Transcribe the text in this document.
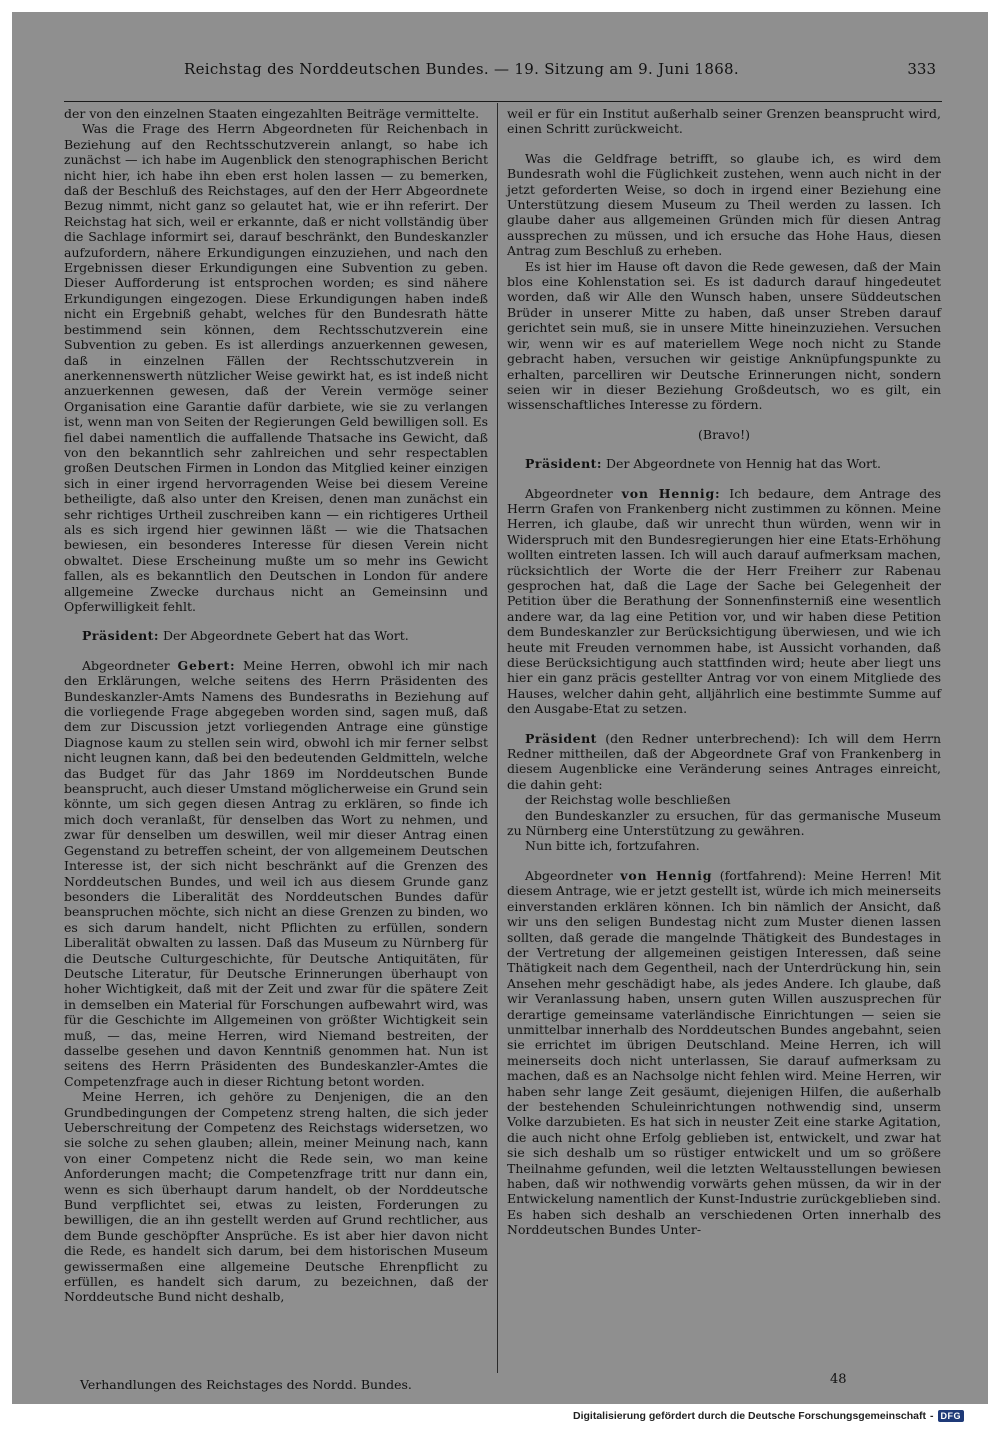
Reichstag des Norddeutschen Bundes. — 19. Sitzung am 9. Juni 1868.	333

der von den einzelnen Staaten eingezahlten Beiträge vermittelte.

Was die Frage des Herrn Abgeordneten für Reichenbach in Beziehung auf den Rechtsschutzverein anlangt, so habe ich zunächst — ich habe im Augenblick den stenographischen Bericht nicht hier, ich habe ihn eben erst holen lassen — zu bemerken, daß der Beschluß des Reichstages, auf den der Herr Abgeordnete Bezug nimmt, nicht ganz so gelautet hat, wie er ihn referirt. Der Reichstag hat sich, weil er erkannte, daß er nicht vollständig über die Sachlage informirt sei, darauf beschränkt, den Bundeskanzler aufzufordern, nähere Erkundigungen einzuziehen, und nach den Ergebnissen dieser Erkundigungen eine Subvention zu geben. Dieser Aufforderung ist entsprochen worden; es sind nähere Erkundigungen eingezogen. Diese Erkundigungen haben indeß nicht ein Ergebniß gehabt, welches für den Bundesrath hätte bestimmend sein können, dem Rechtsschutzverein eine Subvention zu geben. Es ist allerdings anzuerkennen gewesen, daß in einzelnen Fällen der Rechtsschutzverein in anerkennenswerth nützlicher Weise gewirkt hat, es ist indeß nicht anzuerkennen gewesen, daß der Verein vermöge seiner Organisation eine Garantie dafür darbiete, wie sie zu verlangen ist, wenn man von Seiten der Regierungen Geld bewilligen soll. Es fiel dabei namentlich die auffallende Thatsache ins Gewicht, daß von den bekanntlich sehr zahlreichen und sehr respectablen großen Deutschen Firmen in London das Mitglied keiner einzigen sich in einer irgend hervorragenden Weise bei diesem Vereine betheiligte, daß also unter den Kreisen, denen man zunächst ein sehr richtiges Urtheil zuschreiben kann — ein richtigeres Urtheil als es sich irgend hier gewinnen läßt — wie die Thatsachen bewiesen, ein besonderes Interesse für diesen Verein nicht obwaltet. Diese Erscheinung mußte um so mehr ins Gewicht fallen, als es bekanntlich den Deutschen in London für andere allgemeine Zwecke durchaus nicht an Gemeinsinn und Opferwilligkeit fehlt.

Präsident: Der Abgeordnete Gebert hat das Wort.

Abgeordneter Gebert: Meine Herren, obwohl ich mir nach den Erklärungen, welche seitens des Herrn Präsidenten des Bundeskanzler-Amts Namens des Bundesraths in Beziehung auf die vorliegende Frage abgegeben worden sind, sagen muß, daß dem zur Discussion jetzt vorliegenden Antrage eine günstige Diagnose kaum zu stellen sein wird, obwohl ich mir ferner selbst nicht leugnen kann, daß bei den bedeutenden Geldmitteln, welche das Budget für das Jahr 1869 im Norddeutschen Bunde beansprucht, auch dieser Umstand möglicherweise ein Grund sein könnte, um sich gegen diesen Antrag zu erklären, so finde ich mich doch veranlaßt, für denselben das Wort zu nehmen, und zwar für denselben um deswillen, weil mir dieser Antrag einen Gegenstand zu betreffen scheint, der von allgemeinem Deutschen Interesse ist, der sich nicht beschränkt auf die Grenzen des Norddeutschen Bundes, und weil ich aus diesem Grunde ganz besonders die Liberalität des Norddeutschen Bundes dafür beanspruchen möchte, sich nicht an diese Grenzen zu binden, wo es sich darum handelt, nicht Pflichten zu erfüllen, sondern Liberalität obwalten zu lassen. Daß das Museum zu Nürnberg für die Deutsche Culturgeschichte, für Deutsche Antiquitäten, für Deutsche Literatur, für Deutsche Erinnerungen überhaupt von hoher Wichtigkeit, daß mit der Zeit und zwar für die spätere Zeit in demselben ein Material für Forschungen aufbewahrt wird, was für die Geschichte im Allgemeinen von größter Wichtigkeit sein muß, — das, meine Herren, wird Niemand bestreiten, der dasselbe gesehen und davon Kenntniß genommen hat. Nun ist seitens des Herrn Präsidenten des Bundeskanzler-Amtes die Competenzfrage auch in dieser Richtung betont worden.

Meine Herren, ich gehöre zu Denjenigen, die an den Grundbedingungen der Competenz streng halten, die sich jeder Ueberschreitung der Competenz des Reichstags widersetzen, wo sie solche zu sehen glauben; allein, meiner Meinung nach, kann von einer Competenz nicht die Rede sein, wo man keine Anforderungen macht; die Competenzfrage tritt nur dann ein, wenn es sich überhaupt darum handelt, ob der Norddeutsche Bund verpflichtet sei, etwas zu leisten, Forderungen zu bewilligen, die an ihn gestellt werden auf Grund rechtlicher, aus dem Bunde geschöpfter Ansprüche. Es ist aber hier davon nicht die Rede, es handelt sich darum, bei dem historischen Museum gewissermaßen eine allgemeine Deutsche Ehrenpflicht zu erfüllen, es handelt sich darum, zu bezeichnen, daß der Norddeutsche Bund nicht deshalb,

weil er für ein Institut außerhalb seiner Grenzen beansprucht wird, einen Schritt zurückweicht.

Was die Geldfrage betrifft, so glaube ich, es wird dem Bundesrath wohl die Füglichkeit zustehen, wenn auch nicht in der jetzt geforderten Weise, so doch in irgend einer Beziehung eine Unterstützung diesem Museum zu Theil werden zu lassen. Ich glaube daher aus allgemeinen Gründen mich für diesen Antrag aussprechen zu müssen, und ich ersuche das Hohe Haus, diesen Antrag zum Beschluß zu erheben.

Es ist hier im Hause oft davon die Rede gewesen, daß der Main blos eine Kohlenstation sei. Es ist dadurch darauf hingedeutet worden, daß wir Alle den Wunsch haben, unsere Süddeutschen Brüder in unserer Mitte zu haben, daß unser Streben darauf gerichtet sein muß, sie in unsere Mitte hineinzuziehen. Versuchen wir, wenn wir es auf materiellem Wege noch nicht zu Stande gebracht haben, versuchen wir geistige Anknüpfungspunkte zu erhalten, parcelliren wir Deutsche Erinnerungen nicht, sondern seien wir in dieser Beziehung Großdeutsch, wo es gilt, ein wissenschaftliches Interesse zu fördern.

(Bravo!)

Präsident: Der Abgeordnete von Hennig hat das Wort.

Abgeordneter von Hennig: Ich bedaure, dem Antrage des Herrn Grafen von Frankenberg nicht zustimmen zu können. Meine Herren, ich glaube, daß wir unrecht thun würden, wenn wir in Widerspruch mit den Bundesregierungen hier eine Etats-Erhöhung wollten eintreten lassen. Ich will auch darauf aufmerksam machen, rücksichtlich der Worte die der Herr Freiherr zur Rabenau gesprochen hat, daß die Lage der Sache bei Gelegenheit der Petition über die Berathung der Sonnenfinsterniß eine wesentlich andere war, da lag eine Petition vor, und wir haben diese Petition dem Bundeskanzler zur Berücksichtigung überwiesen, und wie ich heute mit Freuden vernommen habe, ist Aussicht vorhanden, daß diese Berücksichtigung auch stattfinden wird; heute aber liegt uns hier ein ganz präcis gestellter Antrag vor von einem Mitgliede des Hauses, welcher dahin geht, alljährlich eine bestimmte Summe auf den Ausgabe-Etat zu setzen.

Präsident (den Redner unterbrechend): Ich will dem Herrn Redner mittheilen, daß der Abgeordnete Graf von Frankenberg in diesem Augenblicke eine Veränderung seines Antrages einreicht, die dahin geht:

der Reichstag wolle beschließen

den Bundeskanzler zu ersuchen, für das germanische Museum zu Nürnberg eine Unterstützung zu gewähren.

Nun bitte ich, fortzufahren.

Abgeordneter von Hennig (fortfahrend): Meine Herren! Mit diesem Antrage, wie er jetzt gestellt ist, würde ich mich meinerseits einverstanden erklären können. Ich bin nämlich der Ansicht, daß wir uns den seligen Bundestag nicht zum Muster dienen lassen sollten, daß gerade die mangelnde Thätigkeit des Bundestages in der Vertretung der allgemeinen geistigen Interessen, daß seine Thätigkeit nach dem Gegentheil, nach der Unterdrückung hin, sein Ansehen mehr geschädigt habe, als jedes Andere. Ich glaube, daß wir Veranlassung haben, unsern guten Willen auszusprechen für derartige gemeinsame vaterländische Einrichtungen — seien sie unmittelbar innerhalb des Norddeutschen Bundes angebahnt, seien sie errichtet im übrigen Deutschland. Meine Herren, ich will meinerseits doch nicht unterlassen, Sie darauf aufmerksam zu machen, daß es an Nachsolge nicht fehlen wird. Meine Herren, wir haben sehr lange Zeit gesäumt, diejenigen Hilfen, die außerhalb der bestehenden Schuleinrichtungen nothwendig sind, unserm Volke darzubieten. Es hat sich in neuster Zeit eine starke Agitation, die auch nicht ohne Erfolg geblieben ist, entwickelt, und zwar hat sie sich deshalb um so rüstiger entwickelt und um so größere Theilnahme gefunden, weil die letzten Weltausstellungen bewiesen haben, daß wir nothwendig vorwärts gehen müssen, da wir in der Entwickelung namentlich der Kunst-Industrie zurückgeblieben sind. Es haben sich deshalb an verschiedenen Orten innerhalb des Norddeutschen Bundes Unter-

Verhandlungen des Reichstages des Nordd. Bundes.	48
Digitalisierung gefördert durch die Deutsche Forschungsgemeinschaft - DFG
